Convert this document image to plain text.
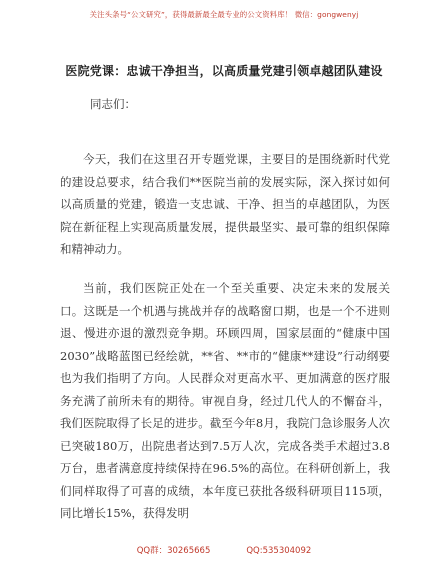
关注头条号“公文研究”，获得最新最全最专业的公文资料库！ 微信：gongwenyj
医院党课：忠诚干净担当，以高质量党建引领卓越团队建设
同志们：

今天，我们在这里召开专题党课，主要目的是围绕新时代党的建设总要求，结合我们**医院当前的发展实际，深入探讨如何以高质量的党建，锻造一支忠诚、干净、担当的卓越团队，为医院在新征程上实现高质量发展，提供最坚实、最可靠的组织保障和精神动力。

当前，我们医院正处在一个至关重要、决定未来的发展关口。这既是一个机遇与挑战并存的战略窗口期，也是一个不进则退、慢进亦退的激烈竞争期。环顾四周，国家层面的“健康中国2030”战略蓝图已经绘就，**省、**市的“健康**建设”行动纲要也为我们指明了方向。人民群众对更高水平、更加满意的医疗服务充满了前所未有的期待。审视自身，经过几代人的不懈奋斗，我们医院取得了长足的进步。截至今年8月，我院门急诊服务人次已突破180万，出院患者达到7.5万人次，完成各类手术超过3.8万台，患者满意度持续保持在96.5%的高位。在科研创新上，我们同样取得了可喜的成绩，本年度已获批各级科研项目115项，同比增长15%，获得发明

QQ群：30265665	QQ:535304092
